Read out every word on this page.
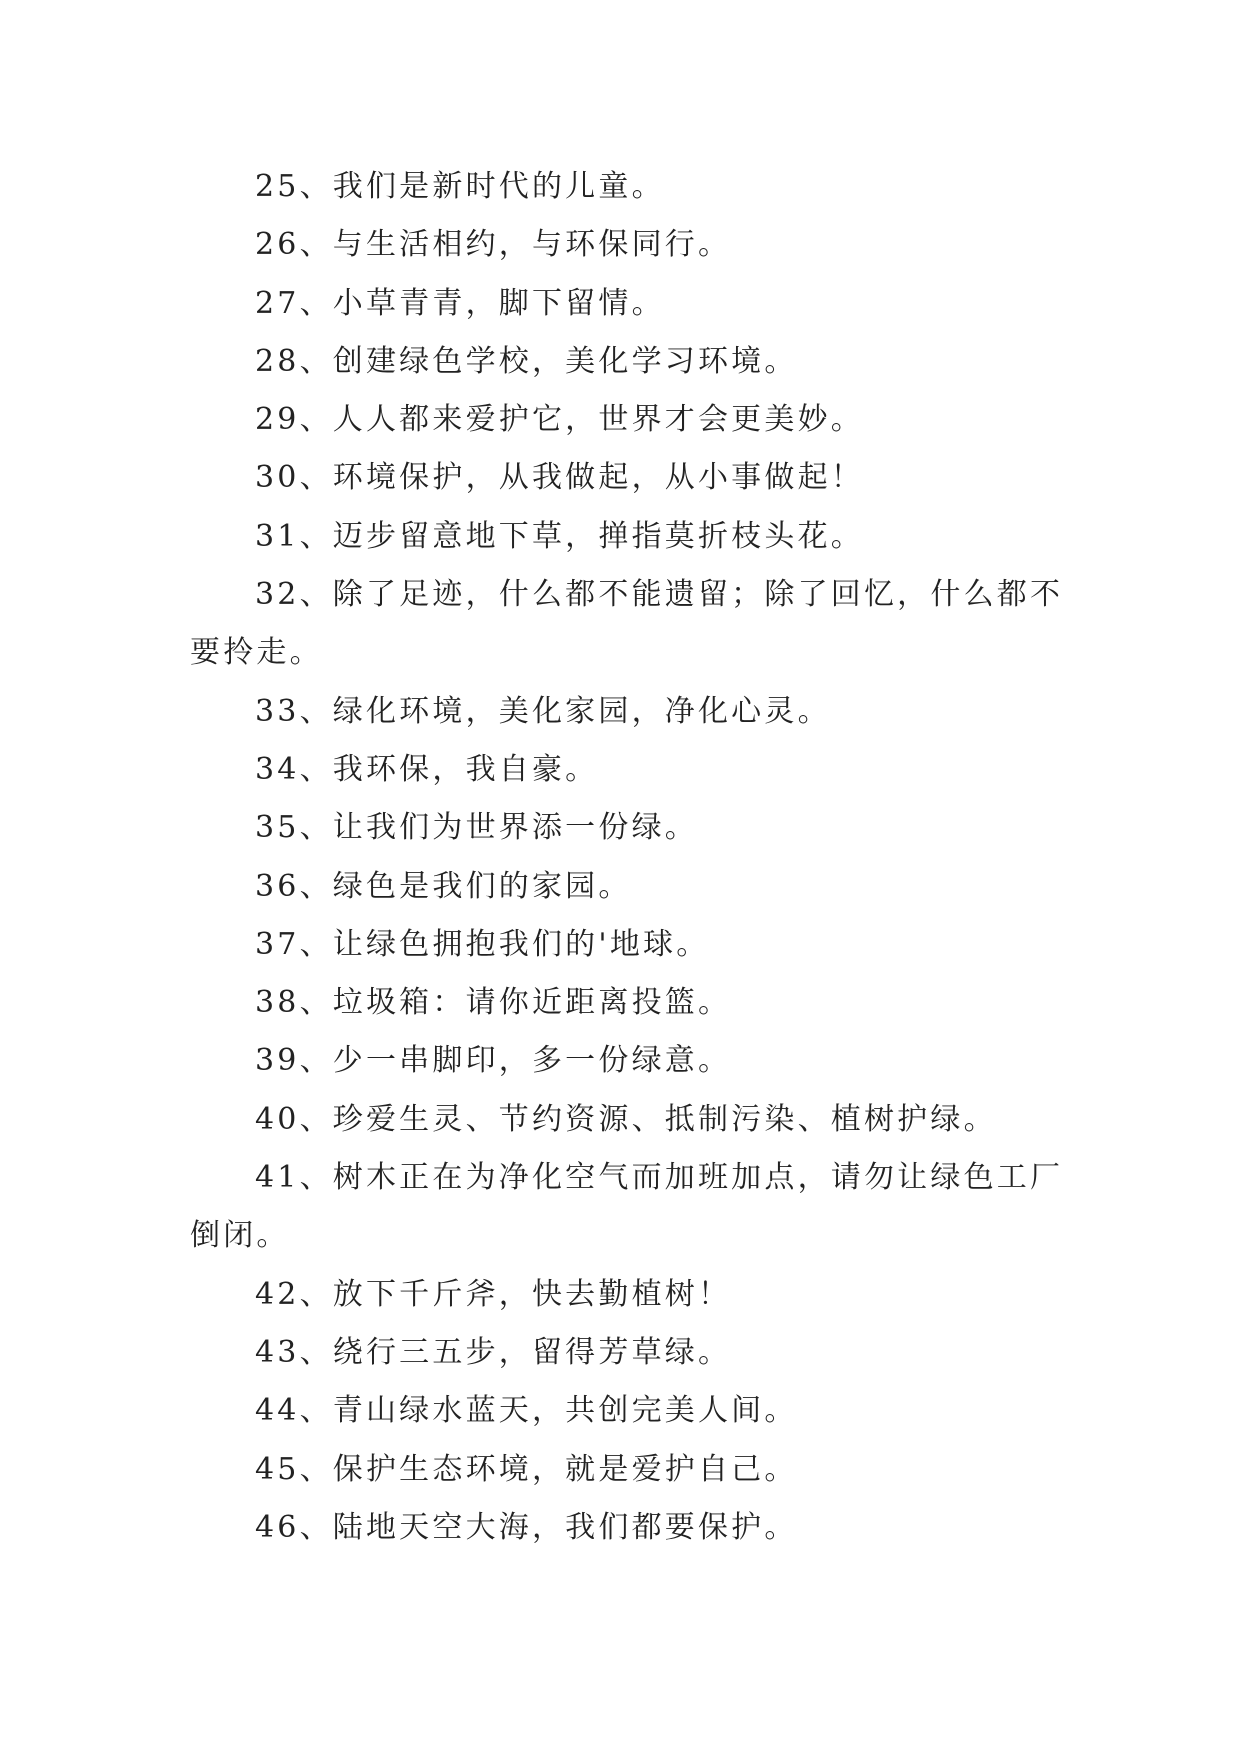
25、我们是新时代的儿童。
26、与生活相约，与环保同行。
27、小草青青，脚下留情。
28、创建绿色学校，美化学习环境。
29、人人都来爱护它，世界才会更美妙。
30、环境保护，从我做起，从小事做起！
31、迈步留意地下草，掸指莫折枝头花。
32、除了足迹，什么都不能遗留；除了回忆，什么都不
要拎走。
33、绿化环境，美化家园，净化心灵。
34、我环保，我自豪。
35、让我们为世界添一份绿。
36、绿色是我们的家园。
37、让绿色拥抱我们的'地球。
38、垃圾箱：请你近距离投篮。
39、少一串脚印，多一份绿意。
40、珍爱生灵、节约资源、抵制污染、植树护绿。
41、树木正在为净化空气而加班加点，请勿让绿色工厂
倒闭。
42、放下千斤斧，快去勤植树！
43、绕行三五步，留得芳草绿。
44、青山绿水蓝天，共创完美人间。
45、保护生态环境，就是爱护自己。
46、陆地天空大海，我们都要保护。
